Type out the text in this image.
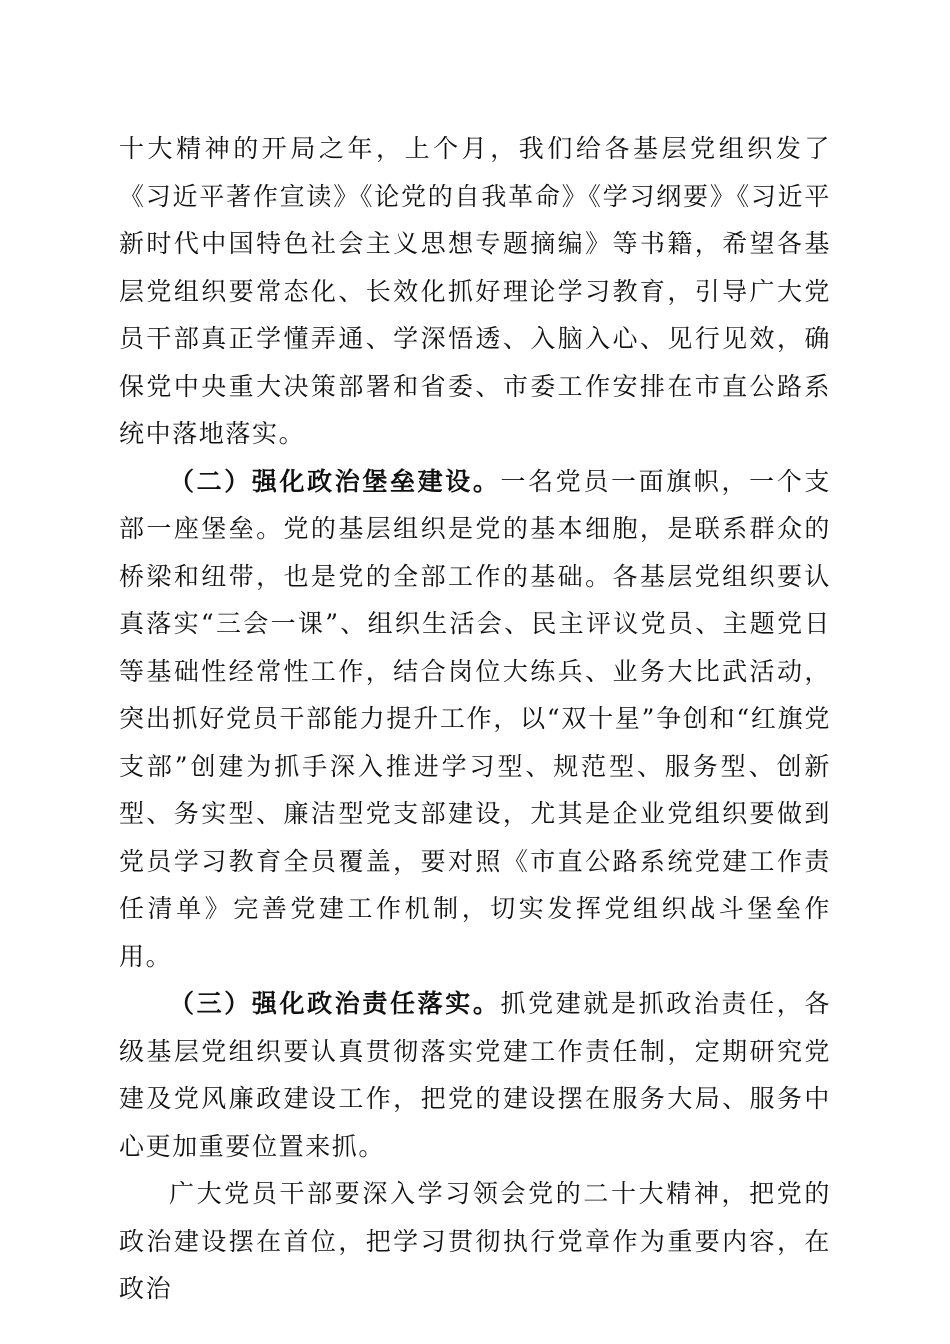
十大精神的开局之年，上个月，我们给各基层党组织发了《习近平著作宣读》《论党的自我革命》《学习纲要》《习近平新时代中国特色社会主义思想专题摘编》等书籍，希望各基层党组织要常态化、长效化抓好理论学习教育，引导广大党员干部真正学懂弄通、学深悟透、入脑入心、见行见效，确保党中央重大决策部署和省委、市委工作安排在市直公路系统中落地落实。

（二）强化政治堡垒建设。一名党员一面旗帜，一个支部一座堡垒。党的基层组织是党的基本细胞，是联系群众的桥梁和纽带，也是党的全部工作的基础。各基层党组织要认真落实“三会一课”、组织生活会、民主评议党员、主题党日等基础性经常性工作，结合岗位大练兵、业务大比武活动，突出抓好党员干部能力提升工作，以“双十星”争创和“红旗党支部”创建为抓手深入推进学习型、规范型、服务型、创新型、务实型、廉洁型党支部建设，尤其是企业党组织要做到党员学习教育全员覆盖，要对照《市直公路系统党建工作责任清单》完善党建工作机制，切实发挥党组织战斗堡垒作用。

（三）强化政治责任落实。抓党建就是抓政治责任，各级基层党组织要认真贯彻落实党建工作责任制，定期研究党建及党风廉政建设工作，把党的建设摆在服务大局、服务中心更加重要位置来抓。

广大党员干部要深入学习领会党的二十大精神，把党的政治建设摆在首位，把学习贯彻执行党章作为重要内容，在政治
